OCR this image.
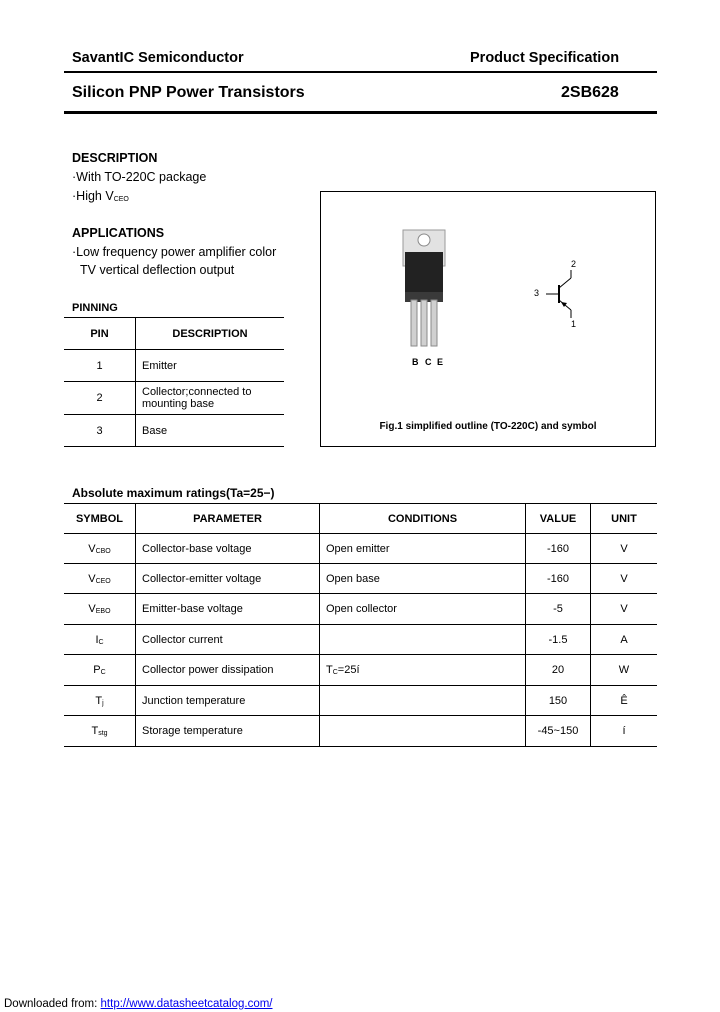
SavantIC Semiconductor	Product Specification
Silicon PNP Power Transistors	2SB628
DESCRIPTION
·With TO-220C package
·High $V_{CEO}$
APPLICATIONS
·Low frequency power amplifier color
TV vertical deflection output
PINNING
PIN	DESCRIPTION
1	Emitter
2	Collector;connected to mounting base
3	Base
B C E
2
3
1
Fig.1 simplified outline (TO-220C) and symbol
Absolute maximum ratings(Ta=25−)
SYMBOL	PARAMETER	CONDITIONS	VALUE	UNIT
$V_{CBO}$	Collector-base voltage	Open emitter	-160	V
$V_{CEO}$	Collector-emitter voltage	Open base	-160	V
$V_{EBO}$	Emitter-base voltage	Open collector	-5	V
$I_C$	Collector current		-1.5	A
$P_C$	Collector power dissipation	$T_C=25í$	20	W
$T_j$	Junction temperature		150	Ê
$T_{stg}$	Storage temperature		-45~150	í
Downloaded from: http://www.datasheetcatalog.com/
